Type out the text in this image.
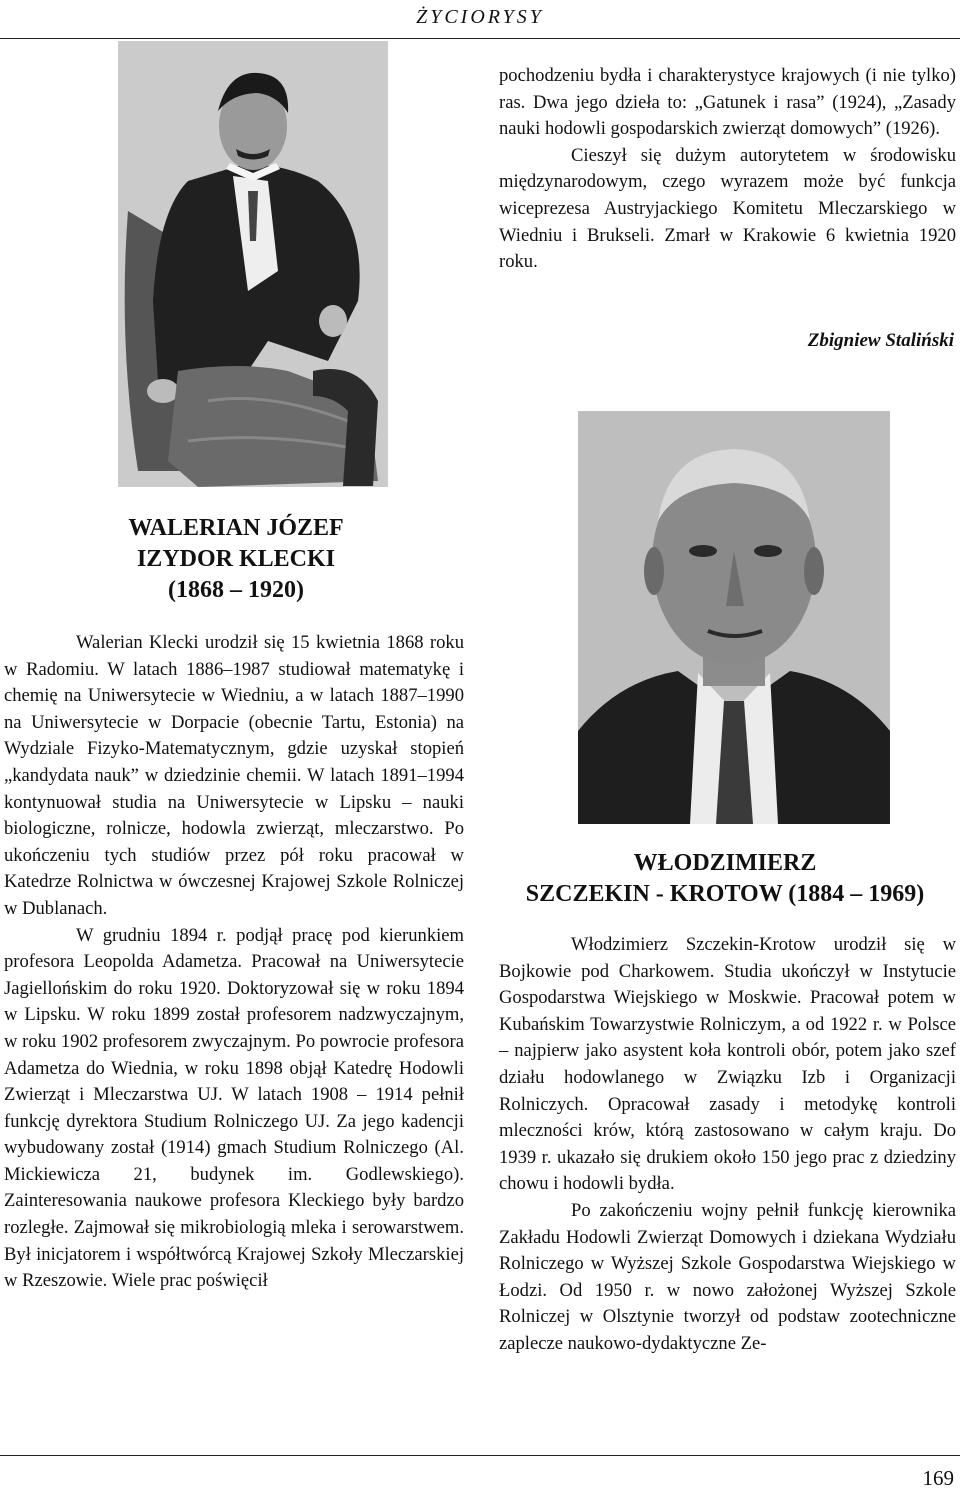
ŻYCIORYSY

pochodzeniu bydła i charakterystyce krajowych (i nie tylko) ras. Dwa jego dzieła to: „Gatunek i rasa” (1924), „Zasady nauki hodowli gospodarskich zwierząt domowych” (1926).

Cieszył się dużym autorytetem w środowisku międzynarodowym, czego wyrazem może być funkcja wiceprezesa Austryjackiego Komitetu Mleczarskiego w Wiedniu i Brukseli. Zmarł w Krakowie 6 kwietnia 1920 roku.

Zbigniew Staliński
WALERIAN JÓZEF
IZYDOR KLECKI
(1868 – 1920)

Walerian Klecki urodził się 15 kwietnia 1868 roku w Radomiu. W latach 1886–1987 studiował matematykę i chemię na Uniwersytecie w Wiedniu, a w latach 1887–1990 na Uniwersytecie w Dorpacie (obecnie Tartu, Estonia) na Wydziale Fizyko-Matematycznym, gdzie uzyskał stopień „kandydata nauk” w dziedzinie chemii. W latach 1891–1994 kontynuował studia na Uniwersytecie w Lipsku – nauki biologiczne, rolnicze, hodowla zwierząt, mleczarstwo. Po ukończeniu tych studiów przez pół roku pracował w Katedrze Rolnictwa w ówczesnej Krajowej Szkole Rolniczej w Dublanach.

W grudniu 1894 r. podjął pracę pod kierunkiem profesora Leopolda Adametza. Pracował na Uniwersytecie Jagiellońskim do roku 1920. Doktoryzował się w roku 1894 w Lipsku. W roku 1899 został profesorem nadzwyczajnym, w roku 1902 profesorem zwyczajnym. Po powrocie profesora Adametza do Wiednia, w roku 1898 objął Katedrę Hodowli Zwierząt i Mleczarstwa UJ. W latach 1908 – 1914 pełnił funkcję dyrektora Studium Rolniczego UJ. Za jego kadencji wybudowany został (1914) gmach Studium Rolniczego (Al. Mickiewicza 21, budynek im. Godlewskiego). Zainteresowania naukowe profesora Kleckiego były bardzo rozległe. Zajmował się mikrobiologią mleka i serowarstwem. Był inicjatorem i współtwórcą Krajowej Szkoły Mleczarskiej w Rzeszowie. Wiele prac poświęcił

WŁODZIMIERZ
SZCZEKIN - KROTOW (1884 – 1969)

Włodzimierz Szczekin-Krotow urodził się w Bojkowie pod Charkowem. Studia ukończył w Instytucie Gospodarstwa Wiejskiego w Moskwie. Pracował potem w Kubańskim Towarzystwie Rolniczym, a od 1922 r. w Polsce – najpierw jako asystent koła kontroli obór, potem jako szef działu hodowlanego w Związku Izb i Organizacji Rolniczych. Opracował zasady i metodykę kontroli mleczności krów, którą zastosowano w całym kraju. Do 1939 r. ukazało się drukiem około 150 jego prac z dziedziny chowu i hodowli bydła.

Po zakończeniu wojny pełnił funkcję kierownika Zakładu Hodowli Zwierząt Domowych i dziekana Wydziału Rolniczego w Wyższej Szkole Gospodarstwa Wiejskiego w Łodzi. Od 1950 r. w nowo założonej Wyższej Szkole Rolniczej w Olsztynie tworzył od podstaw zootechniczne zaplecze naukowo-dydaktyczne Ze-

169
